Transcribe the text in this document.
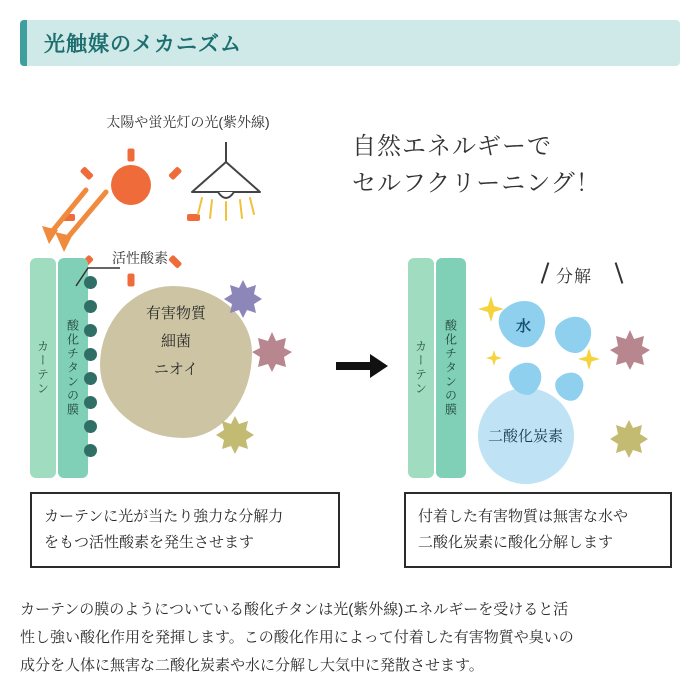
光触媒のメカニズム
太陽や蛍光灯の光(紫外線)
自然エネルギーで
セルフクリーニング！
カーテン	酸化チタンの膜
活性酸素
有害物質
細菌
ニオイ	カーテン	酸化チタンの膜
分解
二酸化炭素
水
カーテンに光が当たり強力な分解力
をもつ活性酸素を発生させます
付着した有害物質は無害な水や
二酸化炭素に酸化分解します
カーテンの膜のようについている酸化チタンは光(紫外線)エネルギーを受けると活
性し強い酸化作用を発揮します。この酸化作用によって付着した有害物質や臭いの
成分を人体に無害な二酸化炭素や水に分解し大気中に発散させます。
